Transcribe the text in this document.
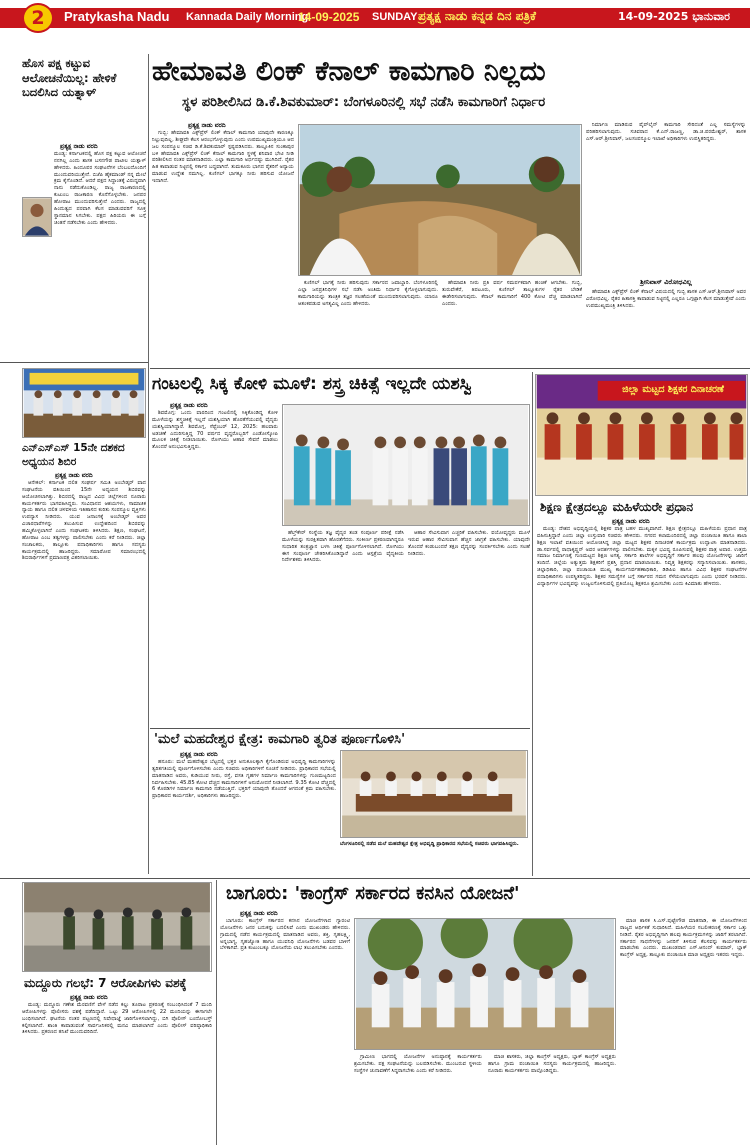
2	Pratykasha Nadu Kannada Daily Morning
14-09-2025 SUNDAY ಪ್ರತ್ಯಕ್ಷ ನಾಡು ಕನ್ನಡ ದಿನ ಪತ್ರಿಕೆ	14-09-2025 ಭಾನುವಾರ
ಹೊಸ ಪಕ್ಷ ಕಟ್ಟುವ ಆಲೋಚನೆಯಿಲ್ಲ: ಹೇಳಿಕೆ ಬದಲಿಸಿದ ಯತ್ನಾಳ್
ಪ್ರತ್ಯಕ್ಷ ನಾಡು ವರದಿ

ಮಂಡ್ಯ: ಕರ್ನಾಟಕದಲ್ಲಿ ಹೊಸ ಪಕ್ಷ ಕಟ್ಟುವ ಆಲೋಚನೆ ನನಗಿಲ್ಲ ಎಂದು ಶಾಸಕ ಬಸನಗೌಡ ಪಾಟೀಲ ಯತ್ನಾಳ್ ಹೇಳಿದರು. ಹಿಂದೂಪರ ಸಂಘಟನೆಗಳ ಬೆಂಬಲದೊಂದಿಗೆ ಮುಂದುವರಿಯುತ್ತೇನೆ. ಬಿಜೆಪಿ ಹೈಕಮಾಂಡ್ ನನ್ನ ಮೇಲೆ ಕ್ರಮ ಕೈಗೊಂಡಿದೆ. ಆದರೆ ಪಕ್ಷದ ಸಿದ್ಧಾಂತಕ್ಕೆ ವಿರುದ್ಧವಾಗಿ ನಾನು ನಡೆದುಕೊಂಡಿಲ್ಲ. ರಾಜ್ಯ ರಾಜಕಾರಣದಲ್ಲಿ ಕುಟುಂಬ ರಾಜಕಾರಣ ಕೊನೆಗೊಳ್ಳಬೇಕು. ಜನಪರ ಹೋರಾಟ ಮುಂದುವರಿಸುತ್ತೇನೆ ಎಂದರು. ರಾಜ್ಯದಲ್ಲಿ ಹಿಂದುತ್ವದ ಪರವಾಗಿ ಕೆಲಸ ಮಾಡುವವರಿಗೆ ಸೂಕ್ತ ಸ್ಥಾನಮಾನ ಸಿಗಬೇಕು. ಪಕ್ಷದ ಹಿರಿಯರು ಈ ಬಗ್ಗೆ ಚಿಂತನೆ ನಡೆಸಬೇಕು ಎಂದು ಹೇಳಿದರು.

ಎನ್‌ಎಸ್‌ಎಸ್ 15ನೇ ದಶಕದ ಅಧ್ಯಯನ ಶಿಬಿರ
ಪ್ರತ್ಯಕ್ಷ ನಾಡು ವರದಿ

ಆನೇಕಲ್: ಕರ್ನಾಟಕ ದಲಿತ ಸಂಘರ್ಷ ಸಮಿತಿ ಅಂಬೇಡ್ಕರ್ ವಾದ ಸಂಘಟನೆಯ ವತಿಯಿಂದ 15ನೇ ಅಧ್ಯಯನ ಶಿಬಿರವನ್ನು ಆಯೋಜಿಸಲಾಗಿತ್ತು. ಶಿಬಿರದಲ್ಲಿ ರಾಜ್ಯದ ವಿವಿಧ ಜಿಲ್ಲೆಗಳಿಂದ ನೂರಾರು ಕಾರ್ಯಕರ್ತರು ಭಾಗವಹಿಸಿದ್ದರು. ಸಂವಿಧಾನದ ಆಶಯಗಳು, ಸಾಮಾಜಿಕ ನ್ಯಾಯ ಹಾಗೂ ದಲಿತ ಚಳವಳಿಯ ಇತಿಹಾಸದ ಕುರಿತು ಸಂಪನ್ಮೂಲ ವ್ಯಕ್ತಿಗಳು ಉಪನ್ಯಾಸ ನೀಡಿದರು. ಯುವ ಜನಾಂಗಕ್ಕೆ ಅಂಬೇಡ್ಕರ್ ಅವರ ವಿಚಾರಧಾರೆಗಳನ್ನು ತಲುಪಿಸುವ ಉದ್ದೇಶದಿಂದ ಶಿಬಿರವನ್ನು ಹಮ್ಮಿಕೊಳ್ಳಲಾಗಿದೆ ಎಂದು ಸಂಘಟಕರು ತಿಳಿಸಿದರು. ಶಿಕ್ಷಣ, ಸಂಘಟನೆ, ಹೋರಾಟ ಎಂಬ ತತ್ವಗಳನ್ನು ಪಾಲಿಸಬೇಕು ಎಂದು ಕರೆ ನೀಡಿದರು. ಜಿಲ್ಲಾ ಸಂಚಾಲಕರು, ತಾಲ್ಲೂಕು ಪದಾಧಿಕಾರಿಗಳು ಹಾಗೂ ಸದಸ್ಯರು ಕಾರ್ಯಕ್ರಮದಲ್ಲಿ ಹಾಜರಿದ್ದರು. ಸಮಾರೋಪ ಸಮಾರಂಭದಲ್ಲಿ ಶಿಬಿರಾರ್ಥಿಗಳಿಗೆ ಪ್ರಮಾಣಪತ್ರ ವಿತರಿಸಲಾಯಿತು.

ಹೇಮಾವತಿ ಲಿಂಕ್ ಕೆನಾಲ್ ಕಾಮಗಾರಿ ನಿಲ್ಲದು
ಸ್ಥಳ ಪರಿಶೀಲಿಸಿದ ಡಿ.ಕೆ.ಶಿವಕುಮಾರ್: ಬೆಂಗಳೂರಿನಲ್ಲಿ ಸಭೆ ನಡೆಸಿ ಕಾಮಗಾರಿಗೆ ನಿರ್ಧಾರ
ಪ್ರತ್ಯಕ್ಷ ನಾಡು ವರದಿ

ಗುಬ್ಬಿ: ಹೇಮಾವತಿ ಎಕ್ಸ್‌ಪ್ರೆಸ್ ಲಿಂಕ್ ಕೆನಾಲ್ ಕಾಮಗಾರಿ ಯಾವುದೇ ಕಾರಣಕ್ಕೂ ನಿಲ್ಲುವುದಿಲ್ಲ, ಶೀಘ್ರವೇ ಕೆಲಸ ಆರಂಭಗೊಳ್ಳುವುದು ಎಂದು ಉಪಮುಖ್ಯಮಂತ್ರಿಯೂ ಆದ ಜಲ ಸಂಪನ್ಮೂಲ ಸಚಿವ ಡಿ.ಕೆ.ಶಿವಕುಮಾರ್ ಸ್ಪಷ್ಟಪಡಿಸಿದರು. ತಾಲ್ಲೂಕಿನ ಸುಂಕಾಪುರ ಬಳಿ ಹೇಮಾವತಿ ಎಕ್ಸ್‌ಪ್ರೆಸ್ ಲಿಂಕ್ ಕೆನಾಲ್ ಕಾಮಗಾರಿ ಸ್ಥಳಕ್ಕೆ ಶನಿವಾರ ಭೇಟಿ ನೀಡಿ ಪರಿಶೀಲಿಸಿದ ನಂತರ ಮಾತನಾಡಿದರು. ಎಲ್ಲಾ ಕಾಮಗಾರಿ ಅರ್ಧದಷ್ಟು ಮುಗಿದಿದೆ. ರೈತರ ಹಿತ ಕಾಪಾಡುವ ನಿಟ್ಟಿನಲ್ಲಿ ಸರ್ಕಾರ ಬದ್ಧವಾಗಿದೆ. ತುಮಕೂರು ಭಾಗದ ರೈತರಿಗೆ ಅನ್ಯಾಯ ಮಾಡುವ ಉದ್ದೇಶ ನಮಗಿಲ್ಲ. ಕುಣಿಗಲ್ ಭಾಗಕ್ಕೂ ನೀರು ಹರಿಸುವ ಯೋಜನೆ ಇದಾಗಿದೆ.

ಕುಣಿಗಲ್ ಭಾಗಕ್ಕೆ ನೀರು ಹರಿಸುವುದು ಸರ್ಕಾರದ ಜವಾಬ್ದಾರಿ. ಬೆಂಗಳೂರಿನಲ್ಲಿ ಎಲ್ಲಾ ಜನಪ್ರತಿನಿಧಿಗಳ ಸಭೆ ನಡೆಸಿ ಅಂತಿಮ ನಿರ್ಧಾರ ಕೈಗೊಳ್ಳಲಾಗುವುದು. ಕಾಮಗಾರಿಯನ್ನು ತಾಂತ್ರಿಕ ತಜ್ಞರ ಸಲಹೆಯಂತೆ ಮುಂದುವರಿಸಲಾಗುವುದು. ಯಾರೂ ಆತಂಕಪಡುವ ಅಗತ್ಯವಿಲ್ಲ ಎಂದು ಹೇಳಿದರು.

ಹೇಮಾವತಿ ನೀರು ಪ್ರತಿ ವರ್ಷ ಸಮರ್ಪಕವಾಗಿ ಹಂಚಿಕೆ ಆಗಬೇಕು. ಗುಬ್ಬಿ, ತುರುವೇಕೆರೆ, ತಿಪಟೂರು, ಕುಣಿಗಲ್ ತಾಲ್ಲೂಕುಗಳ ರೈತರ ಬೇಡಿಕೆ ಈಡೇರಿಸಲಾಗುವುದು. ಕೆನಾಲ್ ಕಾಮಗಾರಿಗೆ 400 ಕೋಟಿ ವೆಚ್ಚ ಮಾಡಲಾಗಿದೆ ಎಂದರು.

ನಿರ್ಮಾಣ ಮಾಡಿರುವ ಪೈಪ್‌ಲೈನ್ ಕಾಮಗಾರಿ ಸೇರಿದಂತೆ ಎಲ್ಲ ಸಮಸ್ಯೆಗಳನ್ನು ಪರಿಹರಿಸಲಾಗುವುದು. ಸಚಿವರಾದ ಕೆ.ಎನ್.ರಾಜಣ್ಣ, ಡಾ.ಜಿ.ಪರಮೇಶ್ವರ್, ಶಾಸಕ ಎಸ್.ಆರ್.ಶ್ರೀನಿವಾಸ್, ಜಲಸಂಪನ್ಮೂಲ ಇಲಾಖೆ ಅಧಿಕಾರಿಗಳು ಉಪಸ್ಥಿತರಿದ್ದರು.

ಶ್ರೀನಿವಾಸ್ ವಿರೋಧವಿಲ್ಲ

ಹೇಮಾವತಿ ಎಕ್ಸ್‌ಪ್ರೆಸ್ ಲಿಂಕ್ ಕೆನಾಲ್ ವಿಷಯದಲ್ಲಿ ಗುಬ್ಬಿ ಶಾಸಕ ಎಸ್.ಆರ್.ಶ್ರೀನಿವಾಸ್ ಅವರ ವಿರೋಧವಿಲ್ಲ. ರೈತರ ಹಿತಾಸಕ್ತಿ ಕಾಪಾಡುವ ನಿಟ್ಟಿನಲ್ಲಿ ಎಲ್ಲರೂ ಒಗ್ಗಟ್ಟಾಗಿ ಕೆಲಸ ಮಾಡುತ್ತೇವೆ ಎಂದು ಉಪಮುಖ್ಯಮಂತ್ರಿ ತಿಳಿಸಿದರು.

ಗಂಟಲಲ್ಲಿ ಸಿಕ್ಕ ಕೋಳಿ ಮೂಳೆ: ಶಸ್ತ್ರ ಚಿಕಿತ್ಸೆ ಇಲ್ಲದೇ ಯಶಸ್ವಿ
ಪ್ರತ್ಯಕ್ಷ ನಾಡು ವರದಿ

ಶಿವಮೊಗ್ಗ: ಒಂದು ವಾರದಿಂದ ಗಂಟಲಿನಲ್ಲಿ ಸಿಕ್ಕಿಕೊಂಡಿದ್ದ ಕೋಳಿ ಮೂಳೆಯನ್ನು ಶಸ್ತ್ರಚಿಕಿತ್ಸೆ ಇಲ್ಲದೆ ಯಶಸ್ವಿಯಾಗಿ ಹೊರತೆಗೆಯುವಲ್ಲಿ ವೈದ್ಯರು ಯಶಸ್ವಿಯಾಗಿದ್ದಾರೆ. ಶಿವಮೊಗ್ಗ, ಸೆಪ್ಟೆಂಬರ್ 12, 2025: ಹಲವಾರು ಅಡಚಣೆ ಎದುರಿಸುತ್ತಿದ್ದ 70 ವರ್ಷದ ವೃದ್ಧರೊಬ್ಬರಿಗೆ ಎಂಡೋಸ್ಕೋಪಿ ಮೂಲಕ ಚಿಕಿತ್ಸೆ ನೀಡಲಾಯಿತು. ರೋಗಿಯು ಆಹಾರ ಸೇವನೆ ಮಾಡಲು ತೊಂದರೆ ಅನುಭವಿಸುತ್ತಿದ್ದರು.

ಹೆಲ್ತ್‌ಕೇರ್ ಸಂಸ್ಥೆಯ ತಜ್ಞ ವೈದ್ಯರ ತಂಡ ಸಂಪೂರ್ಣ ಪರೀಕ್ಷೆ ನಡೆಸಿ ಮೂಳೆಯನ್ನು ಸುರಕ್ಷಿತವಾಗಿ ಹೊರತೆಗೆದರು. ಸಂಕೀರ್ಣ ಪ್ರಕರಣವಾಗಿದ್ದರೂ ಸುಧಾರಿತ ತಂತ್ರಜ್ಞಾನ ಬಳಸಿ ಚಿಕಿತ್ಸೆ ಪೂರ್ಣಗೊಳಿಸಲಾಗಿದೆ. ರೋಗಿಯು ಈಗ ಸಂಪೂರ್ಣ ಚೇತರಿಸಿಕೊಂಡಿದ್ದಾರೆ ಎಂದು ಆಸ್ಪತ್ರೆಯ ವೈದ್ಯಕೀಯ ನಿರ್ದೇಶಕರು ತಿಳಿಸಿದರು.

ಆಹಾರ ಸೇವಿಸುವಾಗ ಎಚ್ಚರಿಕೆ ವಹಿಸಬೇಕು. ವಯೋವೃದ್ಧರು ಮೂಳೆ ಇರುವ ಆಹಾರ ಸೇವಿಸುವಾಗ ಹೆಚ್ಚಿನ ಜಾಗ್ರತೆ ವಹಿಸಬೇಕು. ಯಾವುದೇ ತೊಂದರೆ ಕಂಡುಬಂದರೆ ತಕ್ಷಣ ವೈದ್ಯರನ್ನು ಸಂಪರ್ಕಿಸಬೇಕು ಎಂದು ಸಲಹೆ ನೀಡಿದರು.

ಜಿಲ್ಲಾ ಮಟ್ಟದ ಶಿಕ್ಷಕರ ದಿನಾಚರಣೆ
ಶಿಕ್ಷಣ ಕ್ಷೇತ್ರದಲ್ಲೂ ಮಹಿಳೆಯರೇ ಪ್ರಧಾನ
ಪ್ರತ್ಯಕ್ಷ ನಾಡು ವರದಿ

ಮಂಡ್ಯ: ದೇಶದ ಅಭಿವೃದ್ಧಿಯಲ್ಲಿ ಶಿಕ್ಷಕರ ಪಾತ್ರ ಬಹಳ ಮುಖ್ಯವಾಗಿದೆ. ಶಿಕ್ಷಣ ಕ್ಷೇತ್ರದಲ್ಲೂ ಮಹಿಳೆಯರು ಪ್ರಧಾನ ಪಾತ್ರ ವಹಿಸುತ್ತಿದ್ದಾರೆ ಎಂದು ಜಿಲ್ಲಾ ಉಸ್ತುವಾರಿ ಸಚಿವರು ಹೇಳಿದರು. ನಗರದ ಕಲಾಮಂದಿರದಲ್ಲಿ ಜಿಲ್ಲಾ ಪಂಚಾಯಿತಿ ಹಾಗೂ ಶಾಲಾ ಶಿಕ್ಷಣ ಇಲಾಖೆ ವತಿಯಿಂದ ಆಯೋಜಿಸಿದ್ದ ಜಿಲ್ಲಾ ಮಟ್ಟದ ಶಿಕ್ಷಕರ ದಿನಾಚರಣೆ ಕಾರ್ಯಕ್ರಮ ಉದ್ಘಾಟಿಸಿ ಮಾತನಾಡಿದರು. ಡಾ.ಸರ್ವಪಲ್ಲಿ ರಾಧಾಕೃಷ್ಣನ್ ಅವರ ಆದರ್ಶಗಳನ್ನು ಪಾಲಿಸಬೇಕು. ಮಕ್ಕಳ ಭವಿಷ್ಯ ರೂಪಿಸುವಲ್ಲಿ ಶಿಕ್ಷಕರ ಪಾತ್ರ ಅಪಾರ. ಉತ್ತಮ ಸಮಾಜ ನಿರ್ಮಾಣಕ್ಕೆ ಗುಣಮಟ್ಟದ ಶಿಕ್ಷಣ ಅಗತ್ಯ. ಸರ್ಕಾರಿ ಶಾಲೆಗಳ ಅಭಿವೃದ್ಧಿಗೆ ಸರ್ಕಾರ ಹಲವು ಯೋಜನೆಗಳನ್ನು ಜಾರಿಗೆ ತಂದಿದೆ. ಜಿಲ್ಲೆಯ ಅತ್ಯುತ್ತಮ ಶಿಕ್ಷಕರಿಗೆ ಪ್ರಶಸ್ತಿ ಪ್ರದಾನ ಮಾಡಲಾಯಿತು. ನಿವೃತ್ತ ಶಿಕ್ಷಕರನ್ನು ಸನ್ಮಾನಿಸಲಾಯಿತು. ಶಾಸಕರು, ಜಿಲ್ಲಾಧಿಕಾರಿ, ಜಿಲ್ಲಾ ಪಂಚಾಯಿತಿ ಮುಖ್ಯ ಕಾರ್ಯನಿರ್ವಹಣಾಧಿಕಾರಿ, ಡಿಡಿಪಿಐ ಹಾಗೂ ವಿವಿಧ ಶಿಕ್ಷಕರ ಸಂಘಟನೆಗಳ ಪದಾಧಿಕಾರಿಗಳು ಉಪಸ್ಥಿತರಿದ್ದರು. ಶಿಕ್ಷಕರ ಸಮಸ್ಯೆಗಳ ಬಗ್ಗೆ ಸರ್ಕಾರದ ಗಮನ ಸೆಳೆಯಲಾಗುವುದು ಎಂದು ಭರವಸೆ ನೀಡಿದರು. ವಿದ್ಯಾರ್ಥಿಗಳ ಭವಿಷ್ಯವನ್ನು ಉಜ್ವಲಗೊಳಿಸುವಲ್ಲಿ ಪ್ರತಿಯೊಬ್ಬ ಶಿಕ್ಷಕರೂ ಶ್ರಮಿಸಬೇಕು ಎಂದು ಕಿವಿಮಾತು ಹೇಳಿದರು.

'ಮಲೆ ಮಹದೇಶ್ವರ ಕ್ಷೇತ್ರ: ಕಾಮಗಾರಿ ತ್ವರಿತ ಪೂರ್ಣಗೊಳಿಸಿ'
ಪ್ರತ್ಯಕ್ಷ ನಾಡು ವರದಿ

ಹನೂರು: ಮಲೆ ಮಹದೇಶ್ವರ ಬೆಟ್ಟದಲ್ಲಿ ಭಕ್ತರ ಅನುಕೂಲಕ್ಕಾಗಿ ಕೈಗೊಂಡಿರುವ ಅಭಿವೃದ್ಧಿ ಕಾಮಗಾರಿಗಳನ್ನು ತ್ವರಿತಗತಿಯಲ್ಲಿ ಪೂರ್ಣಗೊಳಿಸಬೇಕು ಎಂದು ಸಚಿವರು ಅಧಿಕಾರಿಗಳಿಗೆ ಸೂಚನೆ ನೀಡಿದರು. ಪ್ರಾಧಿಕಾರದ ಸಭೆಯಲ್ಲಿ ಮಾತನಾಡಿದ ಅವರು, ಕುಡಿಯುವ ನೀರು, ರಸ್ತೆ, ವಸತಿ ಗೃಹಗಳ ನಿರ್ಮಾಣ ಕಾಮಗಾರಿಗಳನ್ನು ಗುಣಮಟ್ಟದಿಂದ ನಿರ್ವಹಿಸಬೇಕು. 45.85 ಕೋಟಿ ವೆಚ್ಚದ ಕಾಮಗಾರಿಗಳಿಗೆ ಅನುಮೋದನೆ ನೀಡಲಾಗಿದೆ. 9.35 ಕೋಟಿ ವೆಚ್ಚದಲ್ಲಿ 6 ಕೊಠಡಿಗಳ ನಿರ್ಮಾಣ ಕಾಮಗಾರಿ ನಡೆಯುತ್ತಿದೆ. ಭಕ್ತರಿಗೆ ಯಾವುದೇ ತೊಂದರೆ ಆಗದಂತೆ ಕ್ರಮ ವಹಿಸಬೇಕು. ಪ್ರಾಧಿಕಾರದ ಕಾರ್ಯದರ್ಶಿ, ಅಧಿಕಾರಿಗಳು ಹಾಜರಿದ್ದರು.

ಬೆಂಗಳೂರಿನಲ್ಲಿ ನಡೆದ ಮಲೆ ಮಹದೇಶ್ವರ ಕ್ಷೇತ್ರ ಅಭಿವೃದ್ಧಿ ಪ್ರಾಧಿಕಾರದ ಸಭೆಯಲ್ಲಿ ಸಚಿವರು ಭಾಗವಹಿಸಿದ್ದರು.

ಮದ್ದೂರು ಗಲಭೆ: 7 ಆರೋಪಿಗಳು ವಶಕ್ಕೆ
ಪ್ರತ್ಯಕ್ಷ ನಾಡು ವರದಿ

ಮಂಡ್ಯ: ಮದ್ದೂರು ಗಣೇಶ ಮೆರವಣಿಗೆ ವೇಳೆ ನಡೆದ ಕಲ್ಲು ತೂರಾಟ ಪ್ರಕರಣಕ್ಕೆ ಸಂಬಂಧಿಸಿದಂತೆ 7 ಮಂದಿ ಆರೋಪಿಗಳನ್ನು ಪೊಲೀಸರು ವಶಕ್ಕೆ ಪಡೆದಿದ್ದಾರೆ. ಒಟ್ಟು 29 ಆರೋಪಿಗಳಲ್ಲಿ 22 ಮಂದಿಯನ್ನು ಈಗಾಗಲೇ ಬಂಧಿಸಲಾಗಿದೆ. ಘಟನೆಯ ನಂತರ ಪಟ್ಟಣದಲ್ಲಿ ನಿಷೇಧಾಜ್ಞೆ ಜಾರಿಗೊಳಿಸಲಾಗಿದ್ದು, ಬಿಗಿ ಪೊಲೀಸ್ ಬಂದೋಬಸ್ತ್ ಕಲ್ಪಿಸಲಾಗಿದೆ. ಶಾಂತಿ ಕಾಪಾಡುವಂತೆ ಸಾರ್ವಜನಿಕರಲ್ಲಿ ಮನವಿ ಮಾಡಲಾಗಿದೆ ಎಂದು ಪೊಲೀಸ್ ವರಿಷ್ಠಾಧಿಕಾರಿ ತಿಳಿಸಿದರು. ಪ್ರಕರಣದ ತನಿಖೆ ಮುಂದುವರಿದಿದೆ.

ಬಾಗೂರು: 'ಕಾಂಗ್ರೆಸ್ ಸರ್ಕಾರದ ಕನಸಿನ ಯೋಜನೆ'
ಪ್ರತ್ಯಕ್ಷ ನಾಡು ವರದಿ

ಬಾಗೂರು: ಕಾಂಗ್ರೆಸ್ ಸರ್ಕಾರದ ಕನಸಿನ ಯೋಜನೆಗಳಾದ ಗ್ಯಾರಂಟಿ ಯೋಜನೆಗಳು ಜನರ ಬದುಕನ್ನು ಬದಲಿಸಿವೆ ಎಂದು ಮುಖಂಡರು ಹೇಳಿದರು. ಗ್ರಾಮದಲ್ಲಿ ನಡೆದ ಕಾರ್ಯಕ್ರಮದಲ್ಲಿ ಮಾತನಾಡಿದ ಅವರು, ಶಕ್ತಿ, ಗೃಹಲಕ್ಷ್ಮಿ, ಅನ್ನಭಾಗ್ಯ, ಗೃಹಜ್ಯೋತಿ ಹಾಗೂ ಯುವನಿಧಿ ಯೋಜನೆಗಳು ಬಡವರ ಬಾಳಿಗೆ ಬೆಳಕಾಗಿವೆ. ಪ್ರತಿ ಕುಟುಂಬಕ್ಕೂ ಯೋಜನೆಯ ಲಾಭ ತಲುಪಿಸಬೇಕು ಎಂದರು.

ಗ್ರಾಮೀಣ ಭಾಗದಲ್ಲಿ ಯೋಜನೆಗಳ ಅನುಷ್ಠಾನಕ್ಕೆ ಕಾರ್ಯಕರ್ತರು ಶ್ರಮಿಸಬೇಕು. ಪಕ್ಷ ಸಂಘಟನೆಯನ್ನು ಬಲಪಡಿಸಬೇಕು. ಮುಂಬರುವ ಸ್ಥಳೀಯ ಸಂಸ್ಥೆಗಳ ಚುನಾವಣೆಗೆ ಸಿದ್ಧರಾಗಬೇಕು ಎಂದು ಕರೆ ನೀಡಿದರು.

ಮಾಜಿ ಶಾಸಕರು, ಜಿಲ್ಲಾ ಕಾಂಗ್ರೆಸ್ ಅಧ್ಯಕ್ಷರು, ಬ್ಲಾಕ್ ಕಾಂಗ್ರೆಸ್ ಅಧ್ಯಕ್ಷರು ಹಾಗೂ ಗ್ರಾಮ ಪಂಚಾಯಿತಿ ಸದಸ್ಯರು ಕಾರ್ಯಕ್ರಮದಲ್ಲಿ ಹಾಜರಿದ್ದರು. ನೂರಾರು ಕಾರ್ಯಕರ್ತರು ಪಾಲ್ಗೊಂಡಿದ್ದರು.

ಮಾಜಿ ಶಾಸಕ ಸಿ.ಎಸ್.ಪುಟ್ಟೇಗೌಡ ಮಾತನಾಡಿ, ಈ ಯೋಜನೆಗಳಿಂದ ರಾಜ್ಯದ ಆರ್ಥಿಕತೆ ಸುಧಾರಿಸಿದೆ. ಮಹಿಳೆಯರ ಸಬಲೀಕರಣಕ್ಕೆ ಸರ್ಕಾರ ಒತ್ತು ನೀಡಿದೆ. ರೈತರ ಅಭಿವೃದ್ಧಿಗಾಗಿ ಹಲವು ಕಾರ್ಯಕ್ರಮಗಳನ್ನು ಜಾರಿಗೆ ತರಲಾಗಿದೆ. ಸರ್ಕಾರದ ಸಾಧನೆಗಳನ್ನು ಜನರಿಗೆ ತಿಳಿಸುವ ಕೆಲಸವನ್ನು ಕಾರ್ಯಕರ್ತರು ಮಾಡಬೇಕು ಎಂದರು. ಮುಖಂಡರಾದ ಎಸ್.ಆನಂದ್ ಕುಮಾರ್, ಬ್ಲಾಕ್ ಕಾಂಗ್ರೆಸ್ ಅಧ್ಯಕ್ಷ, ತಾಲ್ಲೂಕು ಪಂಚಾಯಿತಿ ಮಾಜಿ ಅಧ್ಯಕ್ಷರು ಇತರರು ಇದ್ದರು.
